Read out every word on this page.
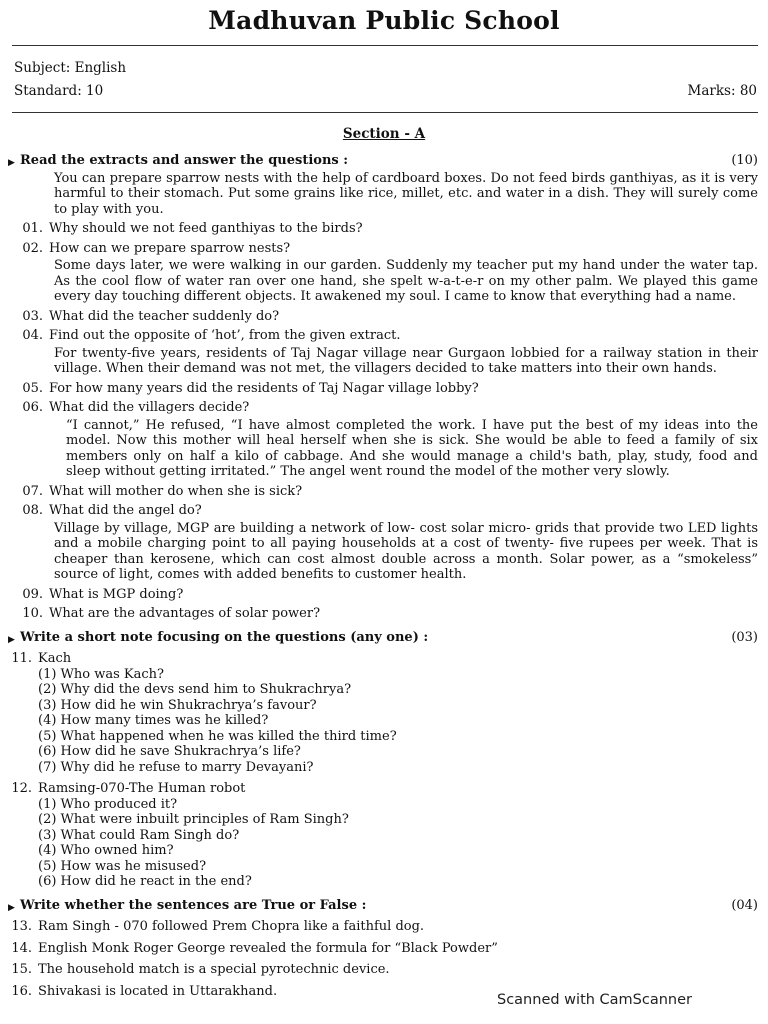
Madhuvan Public School
Subject: English
Standard: 10	Marks: 80
Section - A
▶ Read the extracts and answer the questions :	(10)
You can prepare sparrow nests with the help of cardboard boxes. Do not feed birds ganthiyas, as it is very harmful to their stomach. Put some grains like rice, millet, etc. and water in a dish. They will surely come to play with you.
01. Why should we not feed ganthiyas to the birds?
02. How can we prepare sparrow nests?
Some days later, we were walking in our garden. Suddenly my teacher put my hand under the water tap. As the cool flow of water ran over one hand, she spelt w-a-t-e-r on my other palm. We played this game every day touching different objects. It awakened my soul. I came to know that everything had a name.
03. What did the teacher suddenly do?
04. Find out the opposite of ‘hot’, from the given extract.
For twenty-five years, residents of Taj Nagar village near Gurgaon lobbied for a railway station in their village. When their demand was not met, the villagers decided to take matters into their own hands.
05. For how many years did the residents of Taj Nagar village lobby?
06. What did the villagers decide?
“I cannot,” He refused, “I have almost completed the work. I have put the best of my ideas into the model. Now this mother will heal herself when she is sick. She would be able to feed a family of six members only on half a kilo of cabbage. And she would manage a child's bath, play, study, food and sleep without getting irritated.” The angel went round the model of the mother very slowly.
07. What will mother do when she is sick?
08. What did the angel do?
Village by village, MGP are building a network of low- cost solar micro- grids that provide two LED lights and a mobile charging point to all paying households at a cost of twenty- five rupees per week. That is cheaper than kerosene, which can cost almost double across a month. Solar power, as a “smokeless” source of light, comes with added benefits to customer health.
09. What is MGP doing?
10. What are the advantages of solar power?
▶ Write a short note focusing on the questions (any one) :	(03)
11. Kach
(1) Who was Kach?
(2) Why did the devs send him to Shukrachrya?
(3) How did he win Shukrachrya’s favour?
(4) How many times was he killed?
(5) What happened when he was killed the third time?
(6) How did he save Shukrachrya’s life?
(7) Why did he refuse to marry Devayani?
12. Ramsing-070-The Human robot
(1) Who produced it?
(2) What were inbuilt principles of Ram Singh?
(3) What could Ram Singh do?
(4) Who owned him?
(5) How was he misused?
(6) How did he react in the end?
▶ Write whether the sentences are True or False :	(04)
13. Ram Singh - 070 followed Prem Chopra like a faithful dog.
14. English Monk Roger George revealed the formula for “Black Powder”
15. The household match is a special pyrotechnic device.
16. Shivakasi is located in Uttarakhand.
Scanned with CamScanner
